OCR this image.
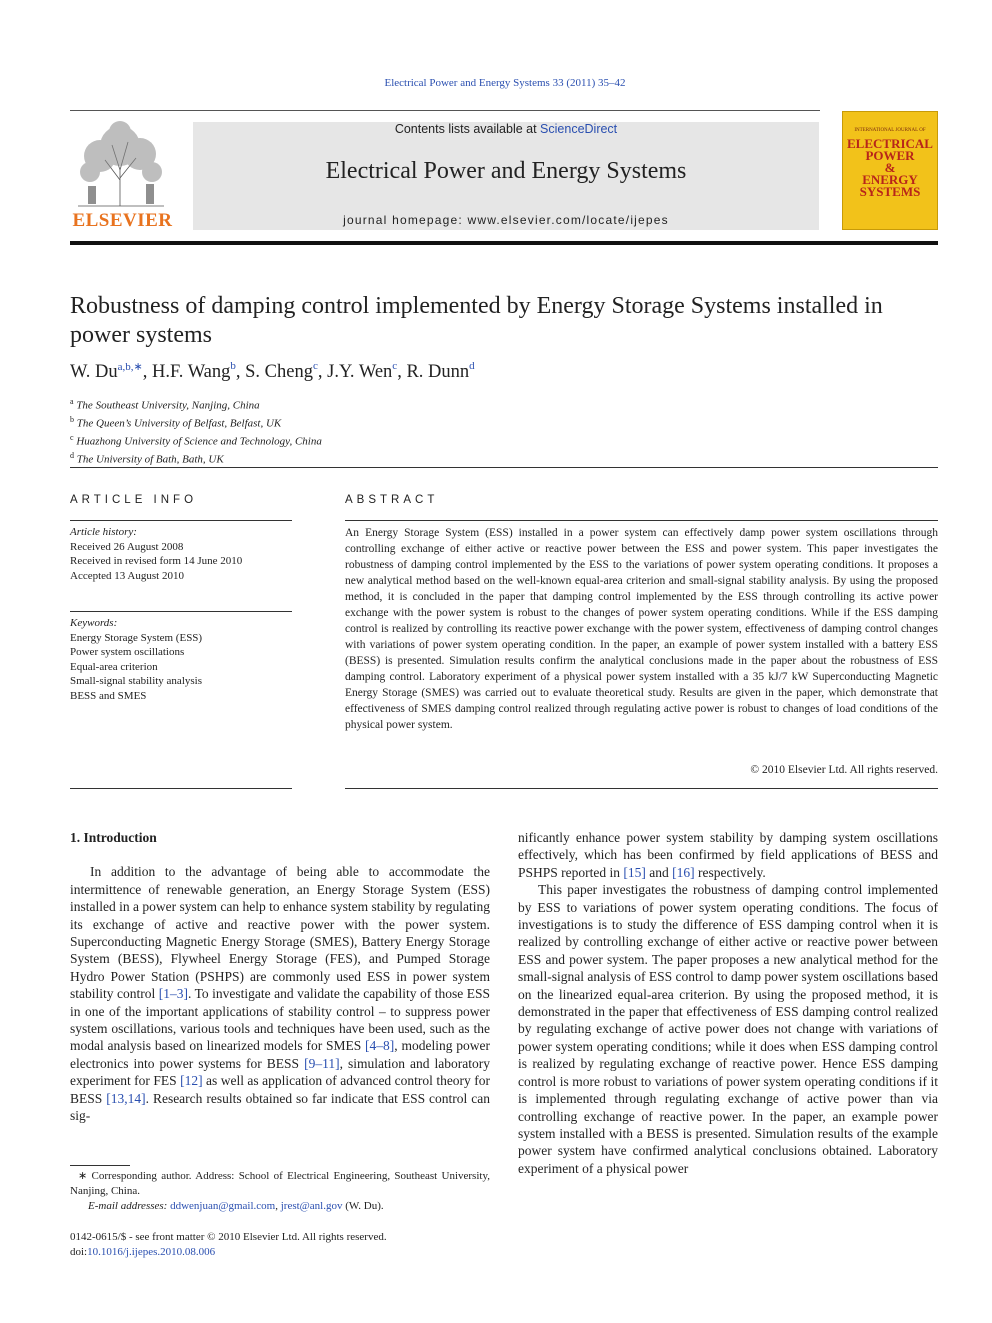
Electrical Power and Energy Systems 33 (2011) 35–42
ELSEVIER
Contents lists available at ScienceDirect
Electrical Power and Energy Systems
journal homepage: www.elsevier.com/locate/ijepes
INTERNATIONAL JOURNAL OF
ELECTRICAL
POWER
&
ENERGY
SYSTEMS
Robustness of damping control implemented by Energy Storage Systems installed in power systems
W. $Du^{a,b,∗}$, H.F. Wang$^b$, S. Cheng$^c$, J.Y. Wen$^c$, R. Dunn$^d$
$^a$ The Southeast University, Nanjing, China
$^b$ The Queen’s University of Belfast, Belfast, UK
$^c$ Huazhong University of Science and Technology, China
$^d$ The University of Bath, Bath, UK
ARTICLE INFO
Article history:
Received 26 August 2008
Received in revised form 14 June 2010
Accepted 13 August 2010
Keywords:
Energy Storage System (ESS)
Power system oscillations
Equal-area criterion
Small-signal stability analysis
BESS and SMES
ABSTRACT
An Energy Storage System (ESS) installed in a power system can effectively damp power system oscillations through controlling exchange of either active or reactive power between the ESS and power system. This paper investigates the robustness of damping control implemented by the ESS to the variations of power system operating conditions. It proposes a new analytical method based on the well-known equal-area criterion and small-signal stability analysis. By using the proposed method, it is concluded in the paper that damping control implemented by the ESS through controlling its active power exchange with the power system is robust to the changes of power system operating conditions. While if the ESS damping control is realized by controlling its reactive power exchange with the power system, effectiveness of damping control changes with variations of power system operating condition. In the paper, an example of power system installed with a battery ESS (BESS) is presented. Simulation results confirm the analytical conclusions made in the paper about the robustness of ESS damping control. Laboratory experiment of a physical power system installed with a 35 kJ/7 kW Superconducting Magnetic Energy Storage (SMES) was carried out to evaluate theoretical study. Results are given in the paper, which demonstrate that effectiveness of SMES damping control realized through regulating active power is robust to changes of load conditions of the physical power system.
© 2010 Elsevier Ltd. All rights reserved.
1. Introduction

In addition to the advantage of being able to accommodate the intermittence of renewable generation, an Energy Storage System (ESS) installed in a power system can help to enhance system stability by regulating its exchange of active and reactive power with the power system. Superconducting Magnetic Energy Storage (SMES), Battery Energy Storage System (BESS), Flywheel Energy Storage (FES), and Pumped Storage Hydro Power Station (PSHPS) are commonly used ESS in power system stability control [1–3]. To investigate and validate the capability of those ESS in one of the important applications of stability control – to suppress power system oscillations, various tools and techniques have been used, such as the modal analysis based on linearized models for SMES [4–8], modeling power electronics into power systems for BESS [9–11], simulation and laboratory experiment for FES [12] as well as application of advanced control theory for BESS [13,14]. Research results obtained so far indicate that ESS control can sig-

nificantly enhance power system stability by damping system oscillations effectively, which has been confirmed by field applications of BESS and PSHPS reported in [15] and [16] respectively.

This paper investigates the robustness of damping control implemented by ESS to variations of power system operating conditions. The focus of investigations is to study the difference of ESS damping control when it is realized by controlling exchange of either active or reactive power between ESS and power system. The paper proposes a new analytical method for the small-signal analysis of ESS control to damp power system oscillations based on the linearized equal-area criterion. By using the proposed method, it is demonstrated in the paper that effectiveness of ESS damping control realized by regulating exchange of active power does not change with variations of power system operating conditions; while it does when ESS damping control is realized by regulating exchange of reactive power. Hence ESS damping control is more robust to variations of power system operating conditions if it is implemented through regulating exchange of active power than via controlling exchange of reactive power. In the paper, an example power system installed with a BESS is presented. Simulation results of the example power system have confirmed analytical conclusions obtained. Laboratory experiment of a physical power

∗ Corresponding author. Address: School of Electrical Engineering, Southeast University, Nanjing, China.
E-mail addresses: ddwenjuan@gmail.com, jrest@anl.gov (W. Du).
0142-0615/$ - see front matter © 2010 Elsevier Ltd. All rights reserved.
doi:10.1016/j.ijepes.2010.08.006
